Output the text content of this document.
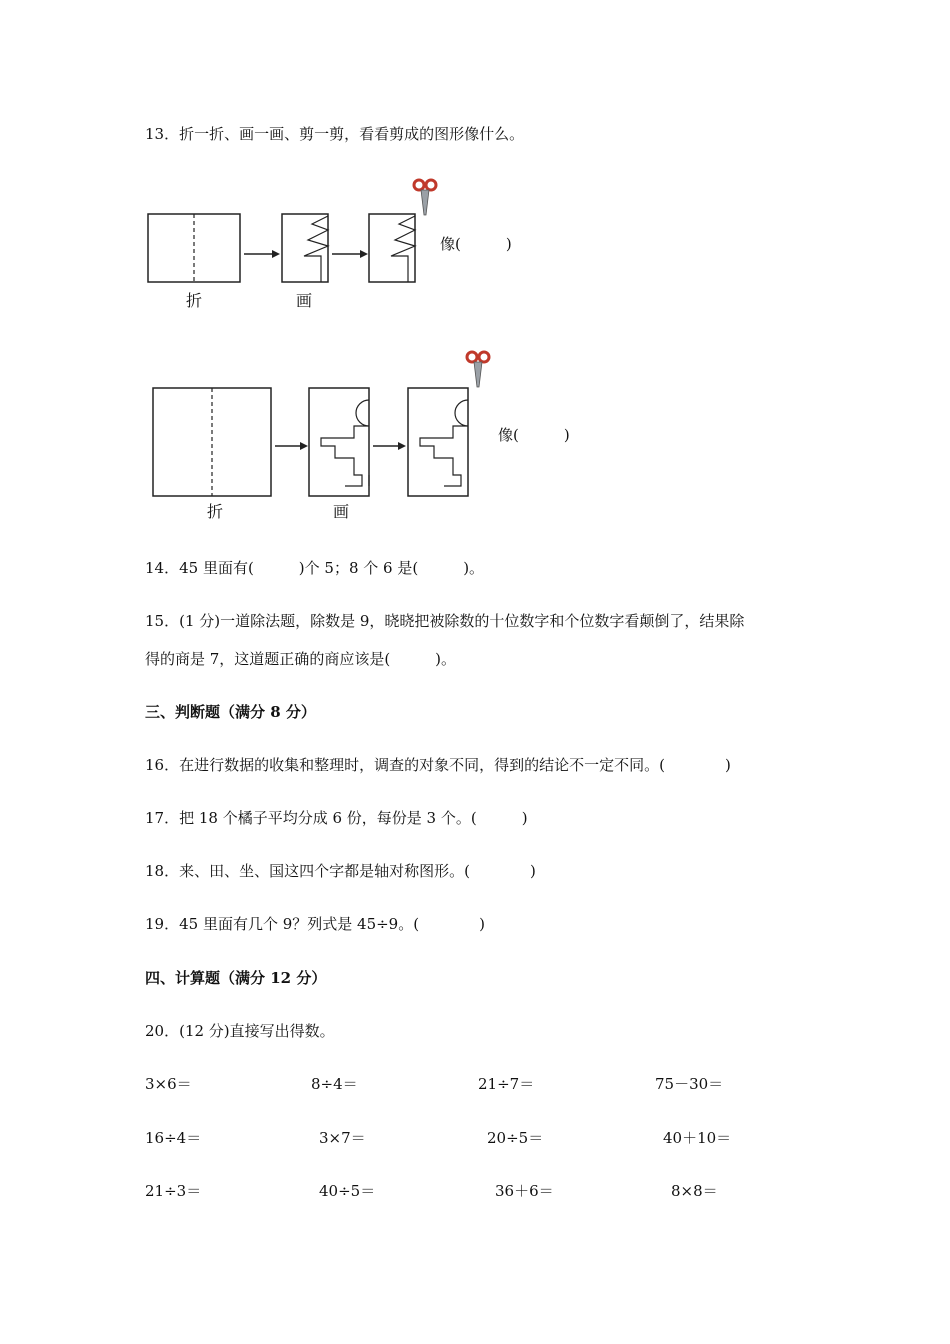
13．折一折、画一画、剪一剪，看看剪成的图形像什么。
折	画
像(　　　)
折	画
像(　　　)
14．45 里面有(　　　)个 5；8 个 6 是(　　　)。
15．(1 分)一道除法题，除数是 9，晓晓把被除数的十位数字和个位数字看颠倒了，结果除
得的商是 7，这道题正确的商应该是(　　　)。
三、判断题（满分 8 分）
16．在进行数据的收集和整理时，调查的对象不同，得到的结论不一定不同。(　　　　)
17．把 18 个橘子平均分成 6 份，每份是 3 个。(　　　)
18．来、田、坐、国这四个字都是轴对称图形。(　　　　)
19．45 里面有几个 9？列式是 45÷9。(　　　　)
四、计算题（满分 12 分）
20．(12 分)直接写出得数。
3×6＝	8÷4＝	21÷7＝	75－30＝
16÷4＝	3×7＝	20÷5＝	40＋10＝
21÷3＝	40÷5＝	36＋6＝	8×8＝
